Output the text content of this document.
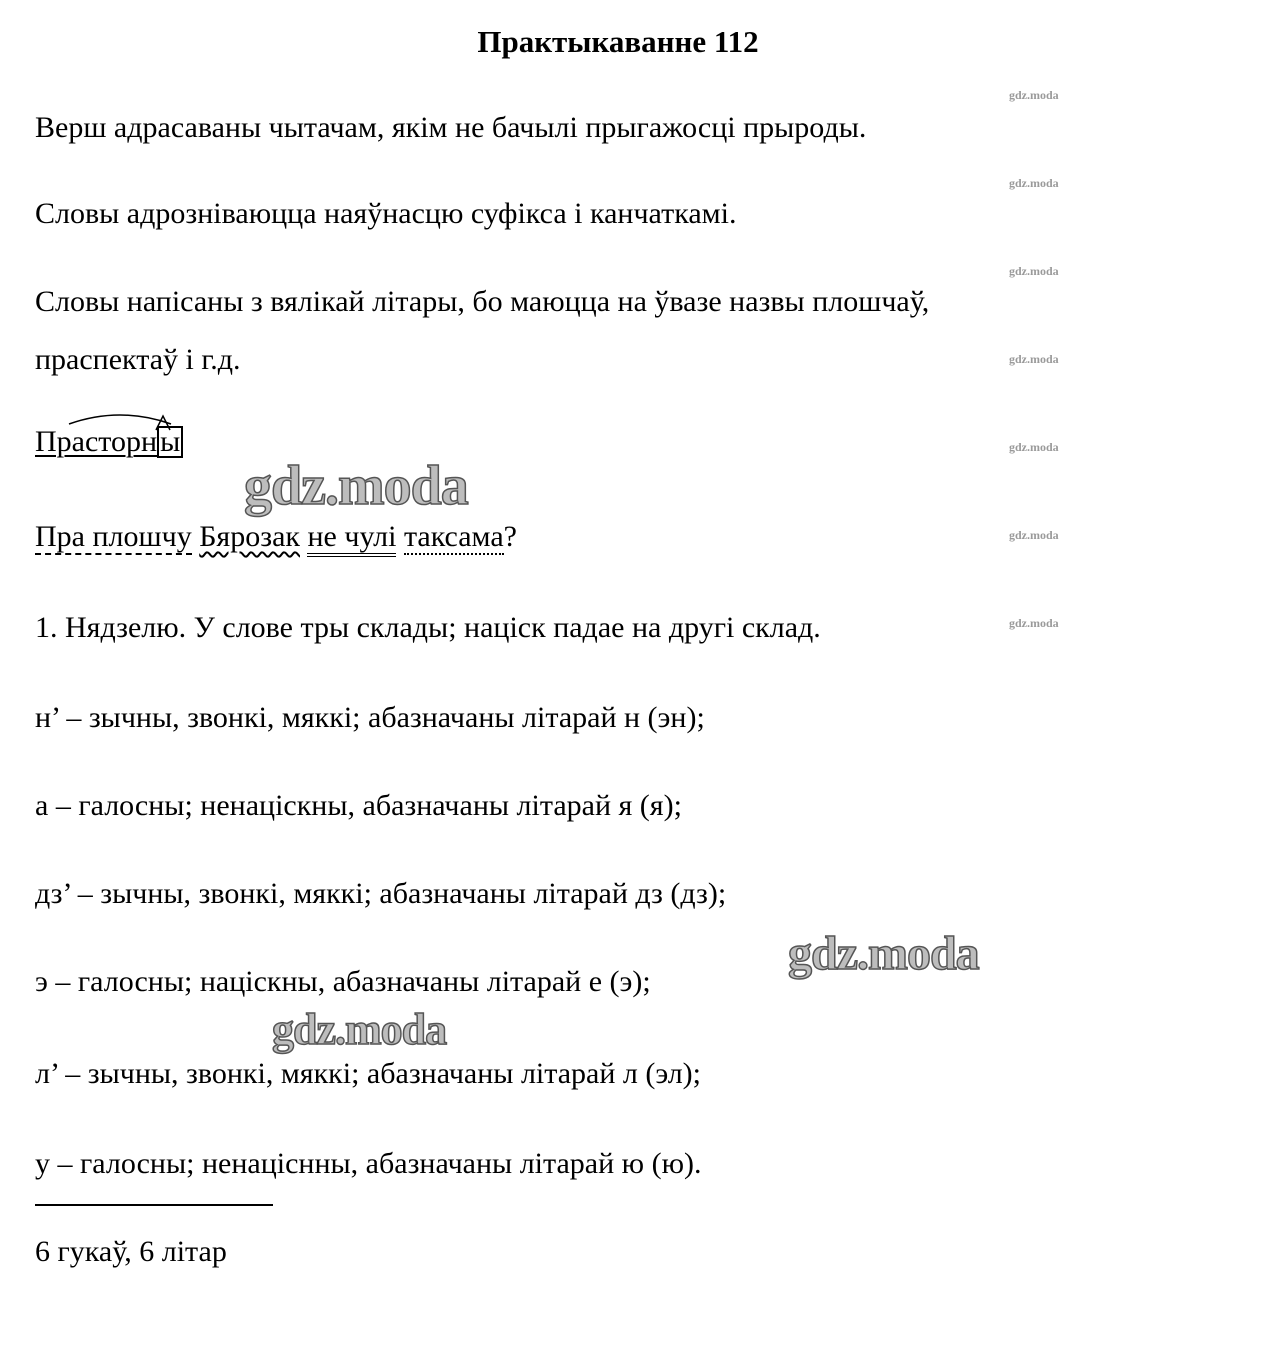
Практыкаванне 112
gdz.moda
gdz.moda
gdz.moda
gdz.moda
gdz.moda
gdz.moda
gdz.moda
Верш адрасаваны чытачам, якім не бачылі прыгажосці прыроды.
Словы адрозніваюцца наяўнасцю суфікса і канчаткамі.
Словы напісаны з вялікай літары, бо маюцца на ўвазе назвы плошчаў,
праспектаў і г.д.
Прасторн ы
gdz.moda
Пра плошчу Бярозак не чулі таксама?
1. Нядзелю. У слове тры склады; націск падае на другі склад.
н’ – зычны, звонкі, мяккі; абазначаны літарай н (эн);
а – галосны; ненаціскны, абазначаны літарай я (я);
дз’ – зычны, звонкі, мяккі; абазначаны літарай дз (дз);
gdz.moda
э – галосны; націскны, абазначаны літарай е (э);
gdz.moda
л’ – зычны, звонкі, мяккі; абазначаны літарай л (эл);
у – галосны; ненаціснны, абазначаны літарай ю (ю).
6 гукаў, 6 літар
